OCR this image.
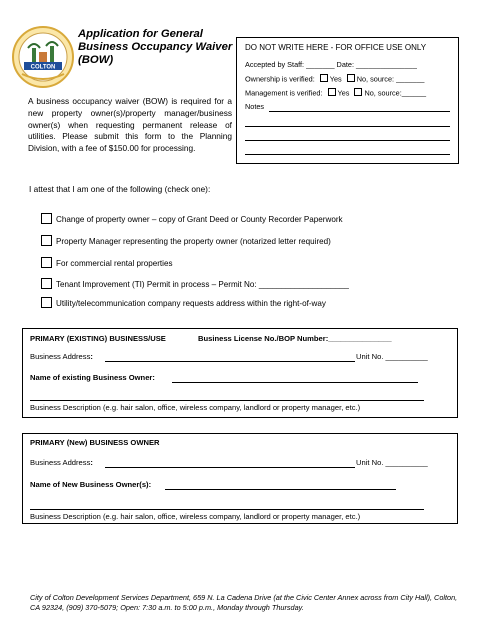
COLTON
Application for General
Business Occupancy Waiver
(BOW)
DO NOT WRITE HERE - FOR OFFICE USE ONLY
Accepted by Staff: _______ Date: _______________
Ownership is verified: Yes No, source: _______
Management is verified: Yes No, source:______
Notes
A business occupancy waiver (BOW) is required for a new property owner(s)/property manager/business owner(s) when requesting permanent release of utilities. Please submit this form to the Planning Division, with a fee of $150.00 for processing.
I attest that I am one of the following (check one):
Change of property owner – copy of Grant Deed or County Recorder Paperwork
Property Manager representing the property owner (notarized letter required)
For commercial rental properties
Tenant Improvement (TI) Permit in process – Permit No: ____________________
Utility/telecommunication company requests address within the right-of-way
PRIMARY (EXISTING) BUSINESS/USE	Business License No./BOP Number:_______________
Business Address:	Unit No. __________
Name of existing Business Owner:
Business Description (e.g. hair salon, office, wireless company, landlord or property manager, etc.)
PRIMARY (New) BUSINESS OWNER
Business Address:	Unit No. __________
Name of New Business Owner(s):
Business Description (e.g. hair salon, office, wireless company, landlord or property manager, etc.)
City of Colton Development Services Department, 659 N. La Cadena Drive (at the Civic Center Annex across from City Hall), Colton, CA 92324, (909) 370-5079; Open: 7:30 a.m. to 5:00 p.m., Monday through Thursday.
